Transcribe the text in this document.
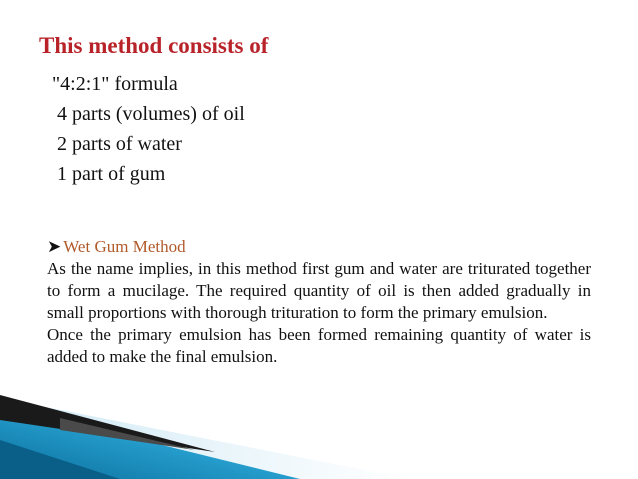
This method consists of
"4:2:1" formula
4 parts (volumes) of oil
2 parts of water
1 part of gum
➤ Wet Gum Method

As the name implies, in this method first gum and water are triturated together to form a mucilage. The required quantity of oil is then added gradually in small proportions with thorough trituration to form the primary emulsion.

Once the primary emulsion has been formed remaining quantity of water is added to make the final emulsion.
